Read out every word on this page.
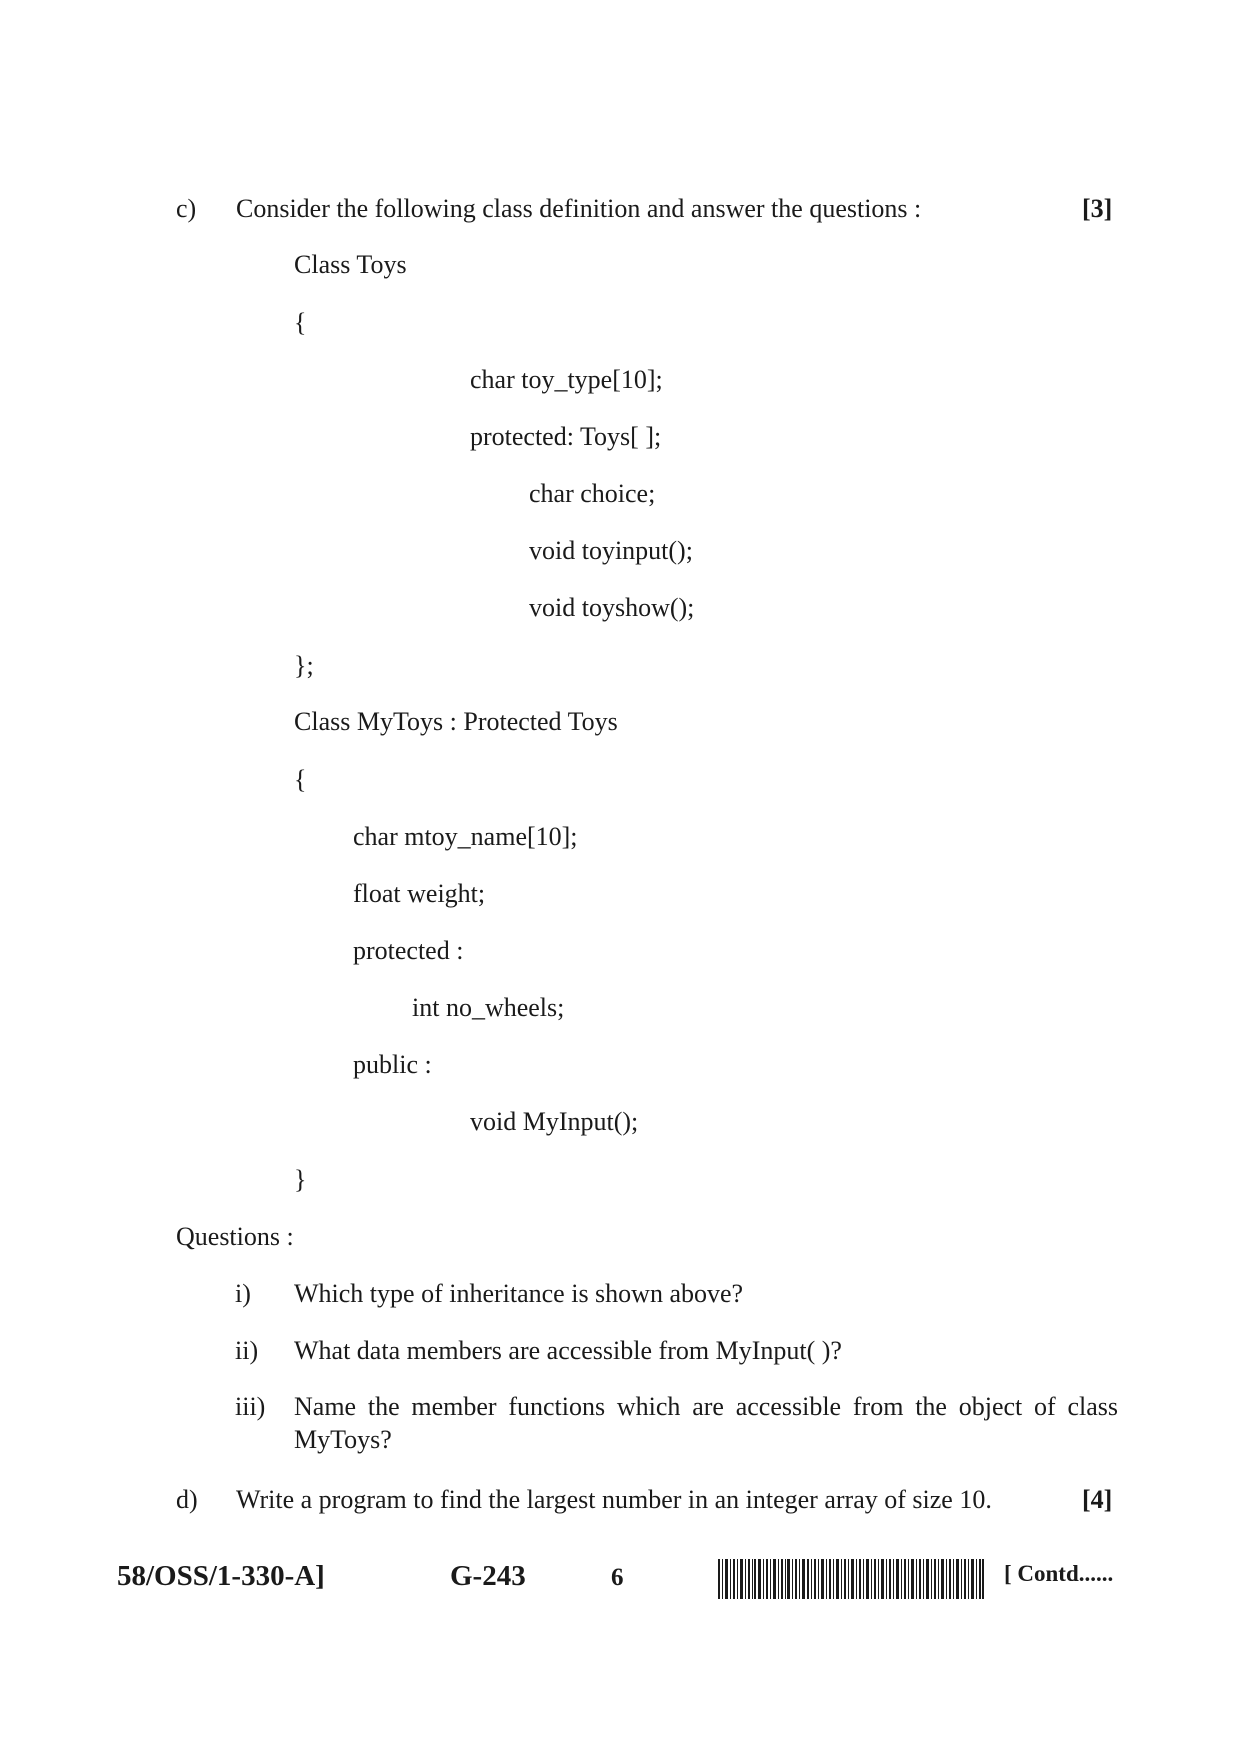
c) Consider the following class definition and answer the questions :	[3]
Class Toys
{
char toy_type[10];
protected: Toys[ ];
char choice;
void toyinput();
void toyshow();
};
Class MyToys : Protected Toys
{
char mtoy_name[10];
float weight;
protected :
int no_wheels;
public :
void MyInput();
}
Questions :
i) Which type of inheritance is shown above?
ii) What data members are accessible from MyInput( )?
iii) Name the member functions which are accessible from the object of class MyToys?
d) Write a program to find the largest number in an integer array of size 10.	[4]
58/OSS/1-330-A]	G-243	6	[ Contd......
